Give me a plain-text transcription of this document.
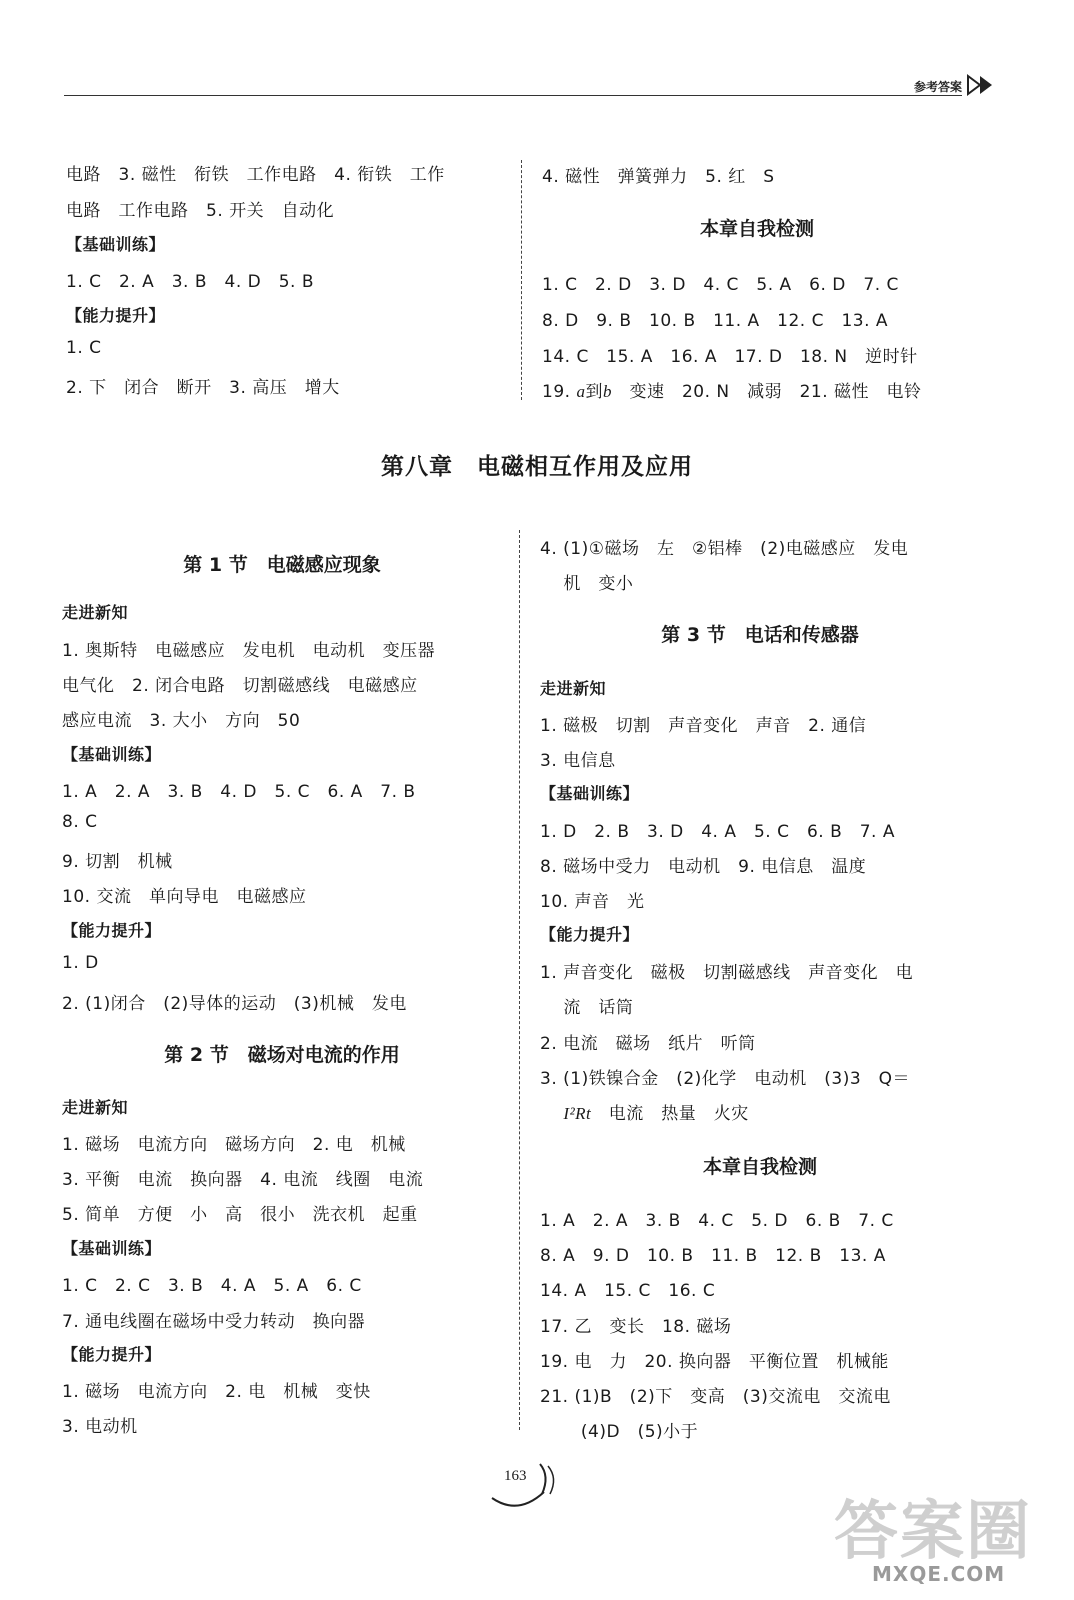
参考答案
电路　3. 磁性　衔铁　工作电路　4. 衔铁　工作
电路　工作电路　5. 开关　自动化
【基础训练】
1. C　2. A　3. B　4. D　5. B
【能力提升】
1. C
2. 下　闭合　断开　3. 高压　增大
4. 磁性　弹簧弹力　5. 红　S
本章自我检测
1. C　2. D　3. D　4. C　5. A　6. D　7. C
8. D　9. B　10. B　11. A　12. C　13. A
14. C　15. A　16. A　17. D　18. N　逆时针
19. a到b　变速　20. N　减弱　21. 磁性　电铃
第八章　电磁相互作用及应用
第 1 节　电磁感应现象
走进新知
1. 奥斯特　电磁感应　发电机　电动机　变压器
电气化　2. 闭合电路　切割磁感线　电磁感应
感应电流　3. 大小　方向　50
【基础训练】
1. A　2. A　3. B　4. D　5. C　6. A　7. B
8. C
9. 切割　机械
10. 交流　单向导电　电磁感应
【能力提升】
1. D
2. (1)闭合　(2)导体的运动　(3)机械　发电
第 2 节　磁场对电流的作用
走进新知
1. 磁场　电流方向　磁场方向　2. 电　机械
3. 平衡　电流　换向器　4. 电流　线圈　电流
5. 简单　方便　小　高　很小　洗衣机　起重
【基础训练】
1. C　2. C　3. B　4. A　5. A　6. C
7. 通电线圈在磁场中受力转动　换向器
【能力提升】
1. 磁场　电流方向　2. 电　机械　变快
3. 电动机
4. (1)①磁场　左　②铝棒　(2)电磁感应　发电
　 机　变小
第 3 节　电话和传感器
走进新知
1. 磁极　切割　声音变化　声音　2. 通信
3. 电信息
【基础训练】
1. D　2. B　3. D　4. A　5. C　6. B　7. A
8. 磁场中受力　电动机　9. 电信息　温度
10. 声音　光
【能力提升】
1. 声音变化　磁极　切割磁感线　声音变化　电
　 流　话筒
2. 电流　磁场　纸片　听筒
3. (1)铁镍合金　(2)化学　电动机　(3)3　Q＝
　 I²Rt　电流　热量　火灾
本章自我检测
1. A　2. A　3. B　4. C　5. D　6. B　7. C
8. A　9. D　10. B　11. B　12. B　13. A
14. A　15. C　16. C
17. 乙　变长　18. 磁场
19. 电　力　20. 换向器　平衡位置　机械能
21. (1)B　(2)下　变高　(3)交流电　交流电
　　 (4)D　(5)小于
163
答案圈
MXQE.COM
